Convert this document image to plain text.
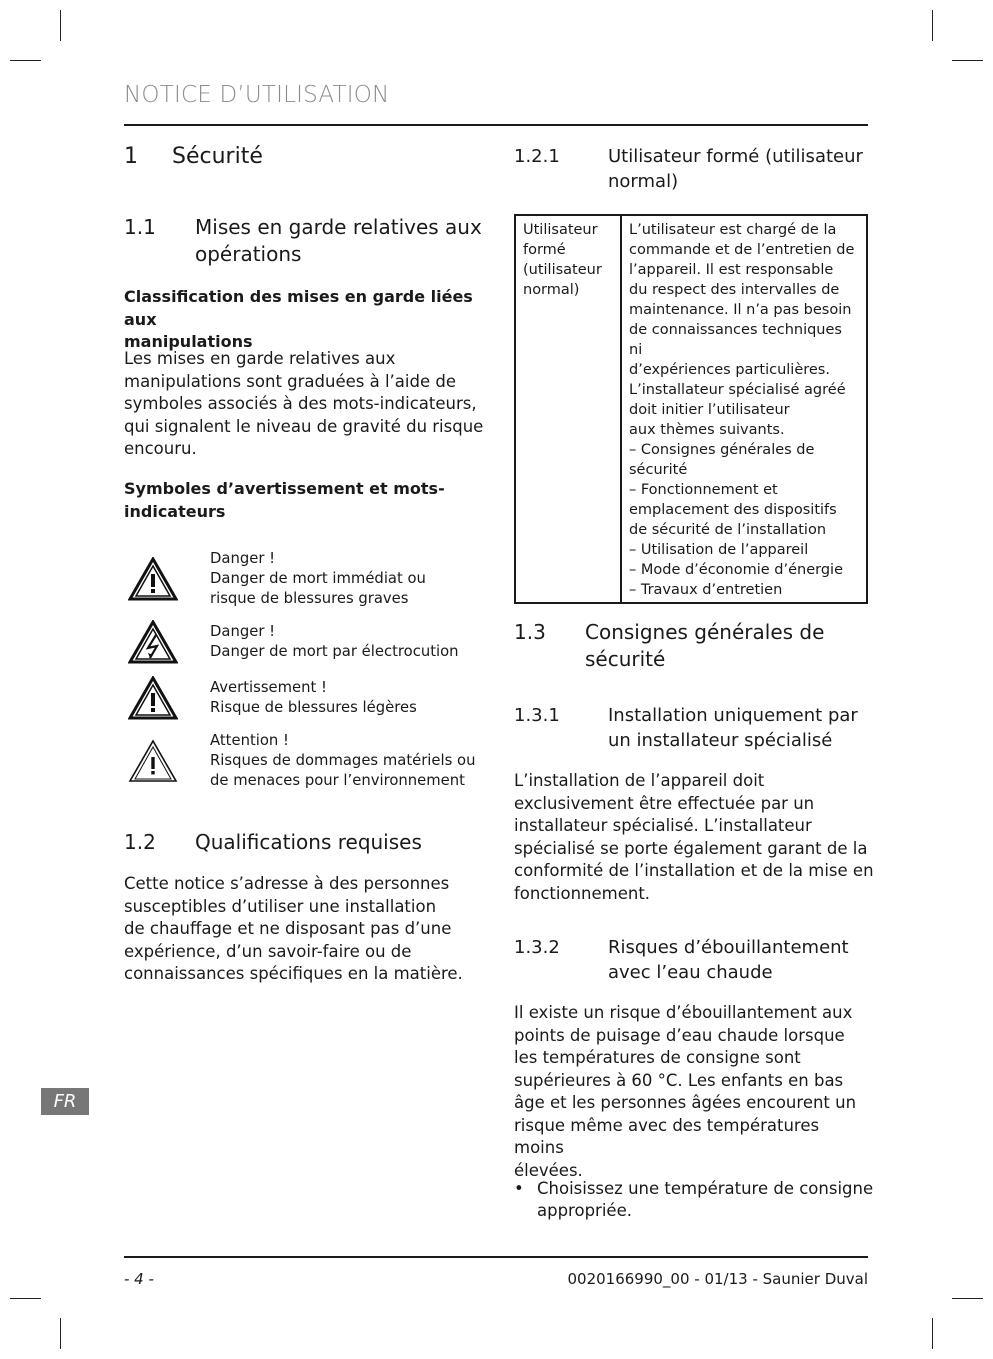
NOTICE D’UTILISATION
1 Sécurité
1.1 Mises en garde relatives aux
opérations
Classification des mises en garde liées aux
manipulations
Les mises en garde relatives aux
manipulations sont graduées à l’aide de
symboles associés à des mots-indicateurs,
qui signalent le niveau de gravité du risque
encouru.
Symboles d’avertissement et mots-
indicateurs
Danger !
Danger de mort immédiat ou
risque de blessures graves
Danger !
Danger de mort par électrocution
Avertissement !
Risque de blessures légères
Attention !
Risques de dommages matériels ou
de menaces pour l’environnement
1.2 Qualifications requises
Cette notice s’adresse à des personnes
susceptibles d’utiliser une installation
de chauffage et ne disposant pas d’une
expérience, d’un savoir-faire ou de
connaissances spécifiques en la matière.
1.2.1	Utilisateur formé (utilisateur
normal)
Utilisateur
formé
(utilisateur
normal)

L’utilisateur est chargé de la
commande et de l’entretien de
l’appareil. Il est responsable
du respect des intervalles de
maintenance. Il n’a pas besoin
de connaissances techniques ni
d’expériences particulières.
L’installateur spécialisé agréé
doit initier l’utilisateur
aux thèmes suivants.
– Consignes générales de
sécurité
– Fonctionnement et
emplacement des dispositifs
de sécurité de l’installation
– Utilisation de l’appareil
– Mode d’économie d’énergie
– Travaux d’entretien
1.3 Consignes générales de
sécurité
1.3.1	Installation uniquement par
un installateur spécialisé
L’installation de l’appareil doit
exclusivement être effectuée par un
installateur spécialisé. L’installateur
spécialisé se porte également garant de la
conformité de l’installation et de la mise en
fonctionnement.
1.3.2	Risques d’ébouillantement
avec l’eau chaude
Il existe un risque d’ébouillantement aux
points de puisage d’eau chaude lorsque
les températures de consigne sont
supérieures à 60 °C. Les enfants en bas
âge et les personnes âgées encourent un
risque même avec des températures moins
élevées.
• Choisissez une température de consigne
appropriée.
FR
- 4 -	0020166990_00 - 01/13 - Saunier Duval
